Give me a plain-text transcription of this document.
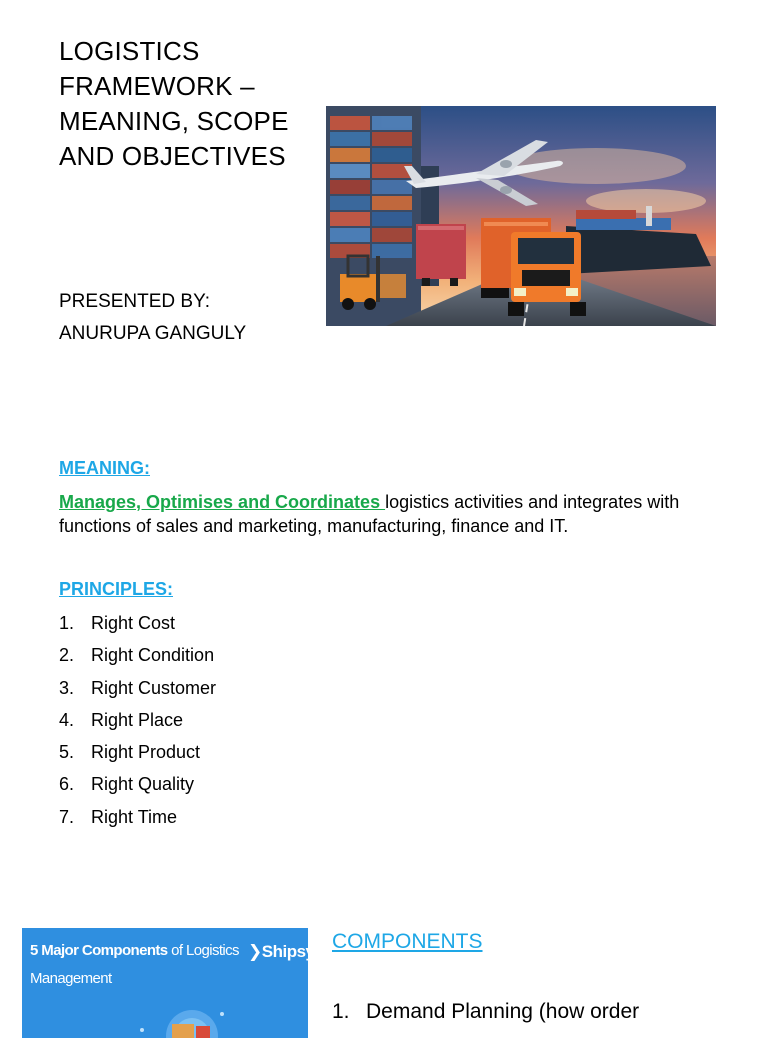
LOGISTICS
FRAMEWORK –
MEANING, SCOPE
AND OBJECTIVES
PRESENTED BY:
ANURUPA GANGULY
MEANING:
Manages, Optimises and Coordinates logistics activities and integrates with functions of sales and marketing, manufacturing, finance and IT.
PRINCIPLES:
1. Right Cost
2. Right Condition
3. Right Customer
4. Right Place
5. Right Product
6. Right Quality
7. Right Time
5 Major Components of Logistics
Management
❯Shipsy COMPONENTS
1. Demand Planning (how order
